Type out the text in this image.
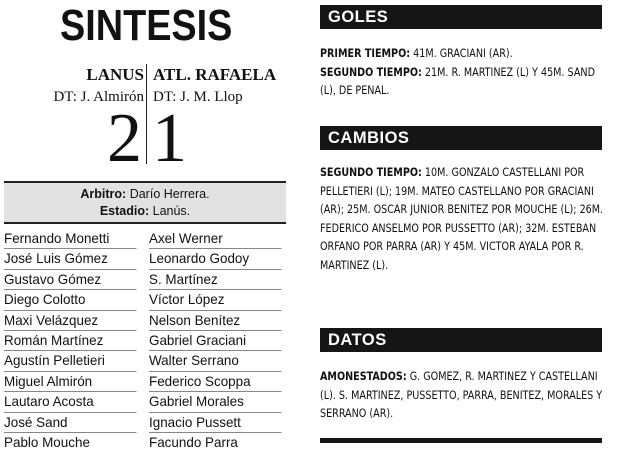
SINTESIS
LANUS ATL. RAFAELA
DT: J. Almirón DT: J. M. Llop
2 1
Arbitro: Darío Herrera.
Estadio: Lanús.
Fernando Monetti
José Luis Gómez
Gustavo Gómez
Diego Colotto
Maxi Velázquez
Román Martínez
Agustín Pelletieri
Miguel Almirón
Lautaro Acosta
José Sand
Pablo Mouche
Axel Werner
Leonardo Godoy
S. Martínez
Víctor López
Nelson Benítez
Gabriel Graciani
Walter Serrano
Federico Scoppa
Gabriel Morales
Ignacio Pussett
Facundo Parra
GOLES
PRIMER TIEMPO: 41M. GRACIANI (AR).
SEGUNDO TIEMPO: 21M. R. MARTINEZ (L) Y 45M. SAND (L), DE PENAL.
CAMBIOS
SEGUNDO TIEMPO: 10M. GONZALO CASTELLANI POR PELLETIERI (L); 19M. MATEO CASTELLANO POR GRACIANI (AR); 25M. OSCAR JUNIOR BENITEZ POR MOUCHE (L); 26M. FEDERICO ANSELMO POR PUSSETTO (AR); 32M. ESTEBAN ORFANO POR PARRA (AR) Y 45M. VICTOR AYALA POR R. MARTINEZ (L).
DATOS
AMONESTADOS: G. GOMEZ, R. MARTINEZ Y CASTELLANI (L). S. MARTINEZ, PUSSETTO, PARRA, BENITEZ, MORALES Y SERRANO (AR).
